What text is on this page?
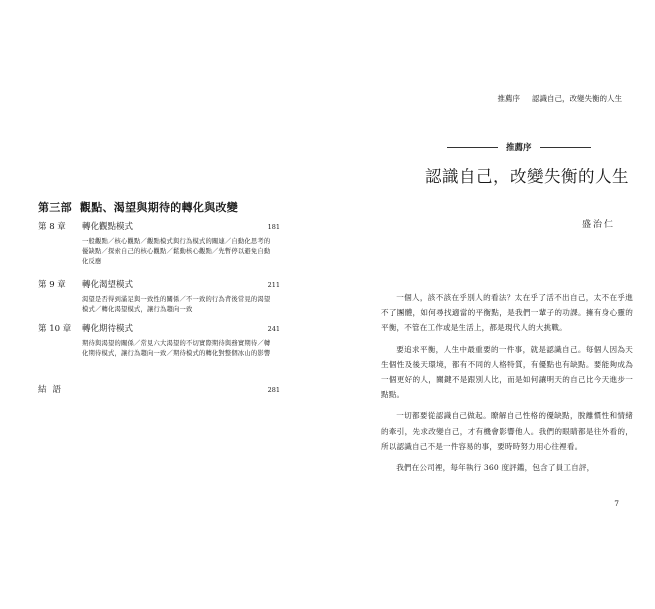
第三部 觀點、渴望與期待的轉化與改變
第 8 章 轉化觀點模式	181
一般觀點／核心觀點／觀點模式與行為模式的關連／自動化思考的優缺點／探索自己的核心觀點／鬆動核心觀點／先暫停以避免自動化反應
第 9 章 轉化渴望模式	211
渴望是否得到滿足與一致性的關係／不一致的行為背後常見的渴望模式／轉化渴望模式，讓行為趨向一致
第 10 章 轉化期待模式	241
期待與渴望的關係／常見六大渴望的不切實際期待與務實期待／轉化期待模式，讓行為趨向一致／期待模式的轉化對整個冰山的影響
結語	281
推薦序 認識自己，改變失衡的人生
推薦序
認識自己，改變失衡的人生
盛治仁

一個人，該不該在乎別人的看法？太在乎了活不出自己，太不在乎進不了團體，如何尋找適當的平衡點，是我們一輩子的功課。擁有身心靈的平衡，不管在工作或是生活上，都是現代人的大挑戰。

要追求平衡，人生中最重要的一件事，就是認識自己。每個人因為天生個性及後天環境，都有不同的人格特質，有優點也有缺點。要能夠成為一個更好的人，關鍵不是跟別人比，而是如何讓明天的自己比今天進步一點點。

一切都要從認識自己做起。瞭解自己性格的優缺點，脫離慣性和情緒的牽引，先求改變自己，才有機會影響他人。我們的眼睛都是往外看的，所以認識自己不是一件容易的事，要時時努力用心往裡看。

我們在公司裡，每年執行 360 度評鑑，包含了員工自評，

7
